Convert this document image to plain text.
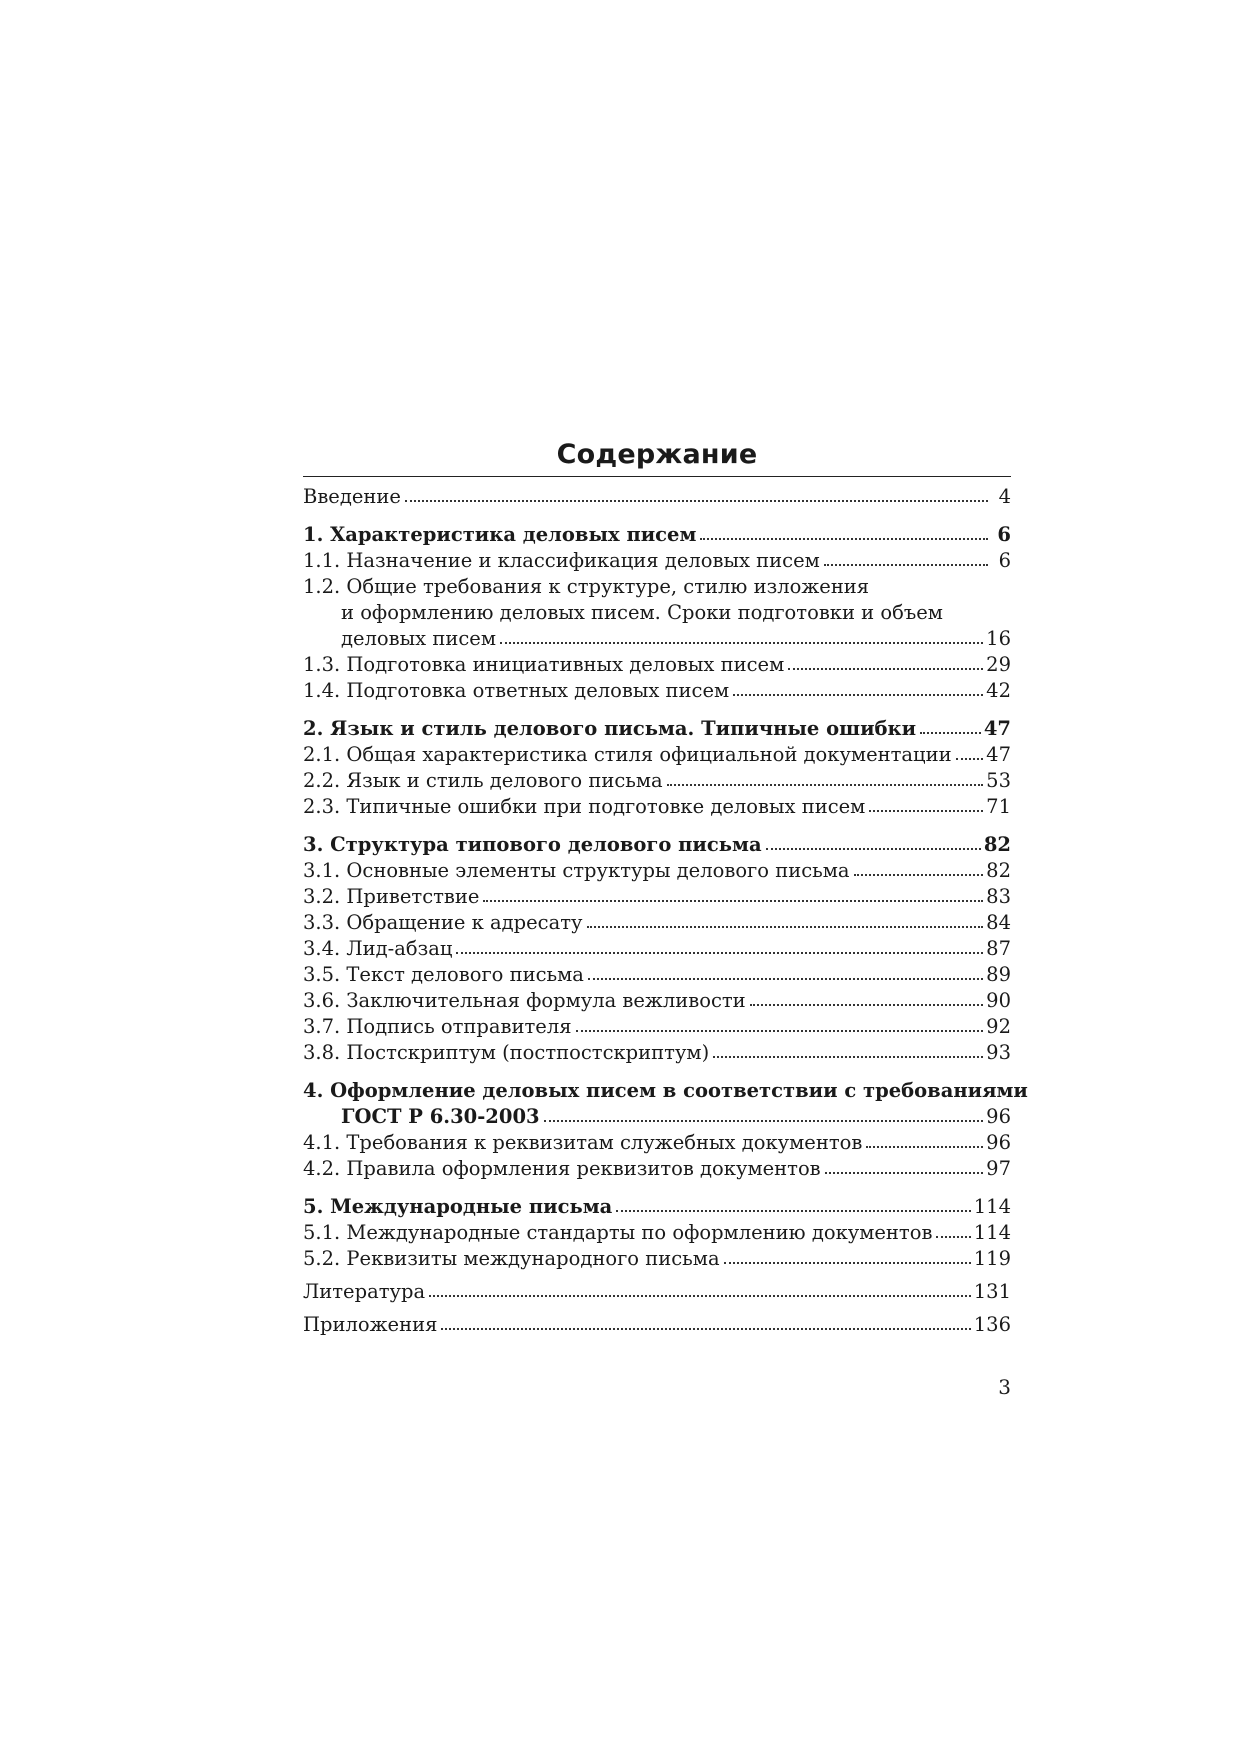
Содержание
Введение	4
1. Характеристика деловых писем	6
1.1. Назначение и классификация деловых писем	6
1.2. Общие требования к структуре, стилю изложения
и оформлению деловых писем. Сроки подготовки и объем
деловых писем	16
1.3. Подготовка инициативных деловых писем	29
1.4. Подготовка ответных деловых писем	42
2. Язык и стиль делового письма. Типичные ошибки	47
2.1. Общая характеристика стиля официальной документации 47
2.2. Язык и стиль делового письма	53
2.3. Типичные ошибки при подготовке деловых писем	71
3. Структура типового делового письма	82
3.1. Основные элементы структуры делового письма	82
3.2. Приветствие	83
3.3. Обращение к адресату	84
3.4. Лид-абзац	87
3.5. Текст делового письма	89
3.6. Заключительная формула вежливости	90
3.7. Подпись отправителя	92
3.8. Постскриптум (постпостскриптум)	93
4. Оформление деловых писем в соответствии с требованиями
ГОСТ Р 6.30-2003	96
4.1. Требования к реквизитам служебных документов	96
4.2. Правила оформления реквизитов документов	97
5. Международные письма	114
5.1. Международные стандарты по оформлению документов 114
5.2. Реквизиты международного письма	119
Литература	131
Приложения	136
3
